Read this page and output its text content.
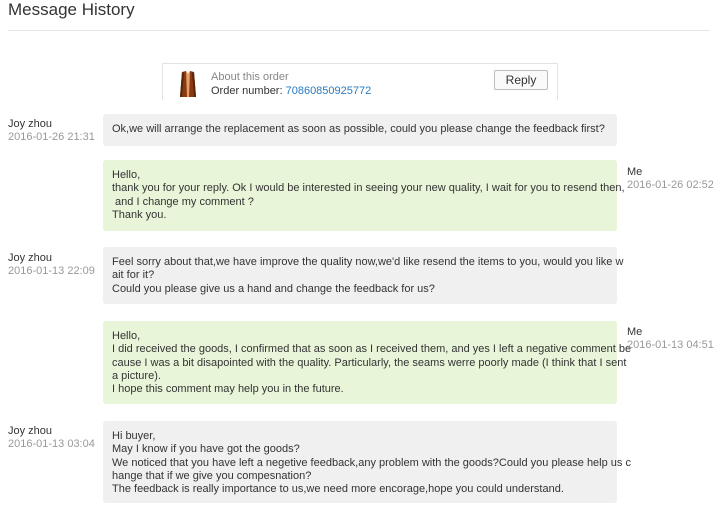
Message History
About this order
Order number: 70860850925772
Reply
Joy zhou
2016-01-26 21:31
Ok,we will arrange the replacement as soon as possible, could you please change the feedback first?
Hello,
thank you for your reply. Ok I would be interested in seeing your new quality, I wait for you to resend then,
and I change my comment ?
Thank you.
Me
2016-01-26 02:52
Joy zhou
2016-01-13 22:09
Feel sorry about that,we have improve the quality now,we'd like resend the items to you, would you like w
ait for it?
Could you please give us a hand and change the feedback for us?
Hello,
I did received the goods, I confirmed that as soon as I received them, and yes I left a negative comment be
cause I was a bit disapointed with the quality. Particularly, the seams werre poorly made (I think that I sent
a picture).
I hope this comment may help you in the future.
Me
2016-01-13 04:51
Joy zhou
2016-01-13 03:04
Hi buyer,
May I know if you have got the goods?
We noticed that you have left a negetive feedback,any problem with the goods?Could you please help us c
hange that if we give you compesnation?
The feedback is really importance to us,we need more encorage,hope you could understand.
